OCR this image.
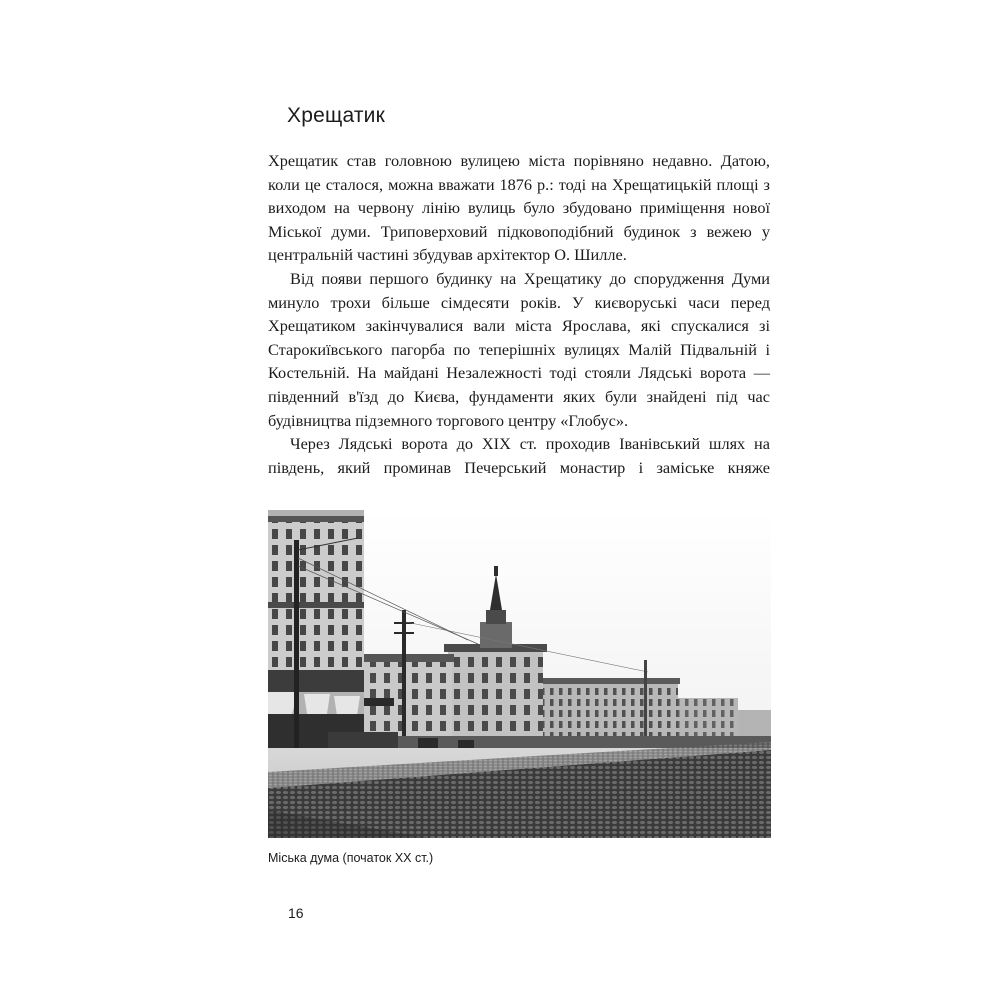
Хрещатик

Хрещатик став головною вулицею міста порівняно недавно. Датою, коли це сталося, можна вважати 1876 р.: тоді на Хрещатицькій площі з виходом на червону лінію вулиць було збудовано приміщення нової Міської думи. Триповерховий підковоподібний будинок з вежею у центральній частині збудував архітектор О. Шилле.

Від появи першого будинку на Хрещатику до спорудження Думи минуло трохи більше сімдесяти років. У києворуські часи перед Хрещатиком закінчувалися вали міста Ярослава, які спускалися зі Старокиївського пагорба по теперішніх вулицях Малій Підвальній і Костельній. На майдані Незалежності тоді стояли Лядські ворота — південний в'їзд до Києва, фундаменти яких були знайдені під час будівництва підземного торгового центру «Глобус».

Через Лядські ворота до XIX ст. проходив Іванівський шлях на південь, який проминав Печерський монастир і заміське княже

Міська дума (початок XX ст.)
16
